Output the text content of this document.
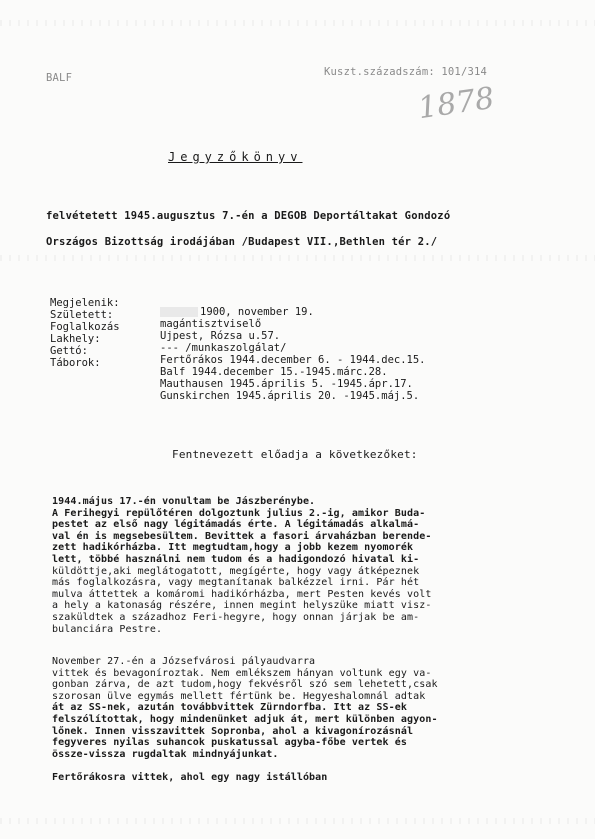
BALF	Kuszt.századszám: 101/314
1878
Jegyzőkönyv
felvétetett 1945.augusztus 7.-én a DEGOB Deportáltakat Gondozó
Országos Bizottság irodájában /Budapest VII.,Bethlen tér 2./
Megjelenik:
Született:
Foglalkozás
Lakhely:
Gettó:
Táborok:
1900, november 19.
magántisztviselő
Ujpest, Rózsa u.57.
--- /munkaszolgálat/
Fertőrákos 1944.december 6. - 1944.dec.15.
Balf 1944.december 15.-1945.márc.28.
Mauthausen 1945.április 5. -1945.ápr.17.
Gunskirchen 1945.április 20. -1945.máj.5.
Fentnevezett előadja a következőket:
1944.május 17.-én vonultam be Jászberénybe.
A Ferihegyi repülőtéren dolgoztunk julius 2.-ig, amikor Buda-
pestet az első nagy légitámadás érte. A légitámadás alkalmá-
val én is megsebesültem. Bevittek a fasori árvaházban berende-
zett hadikórházba. Itt megtudtam,hogy a jobb kezem nyomorék
lett, többé használni nem tudom és a hadigondozó hivatal ki-
küldöttje,aki meglátogatott, megígérte, hogy vagy átképeznek
más foglalkozásra, vagy megtanítanak balkézzel irni. Pár hét
mulva áttettek a komáromi hadikórházba, mert Pesten kevés volt
a hely a katonaság részére, innen megint helyszüke miatt visz-
szaküldtek a századhoz Feri-hegyre, hogy onnan járjak be am-
bulanciára Pestre.
November 27.-én a Józsefvárosi pályaudvarra
vittek és bevagoníroztak. Nem emlékszem hányan voltunk egy va-
gonban zárva, de azt tudom,hogy fekvésről szó sem lehetett,csak
szorosan ülve egymás mellett fértünk be. Hegyeshalomnál adtak
át az SS-nek, azután továbbvittek Zürndorfba. Itt az SS-ek
felszólítottak, hogy mindenünket adjuk át, mert különben agyon-
lőnek. Innen visszavittek Sopronba, ahol a kivagonírozásnál
fegyveres nyilas suhancok puskatussal agyba-főbe vertek és
össze-vissza rugdaltak mindnyájunkat.
Fertőrákosra vittek, ahol egy nagy istállóban
